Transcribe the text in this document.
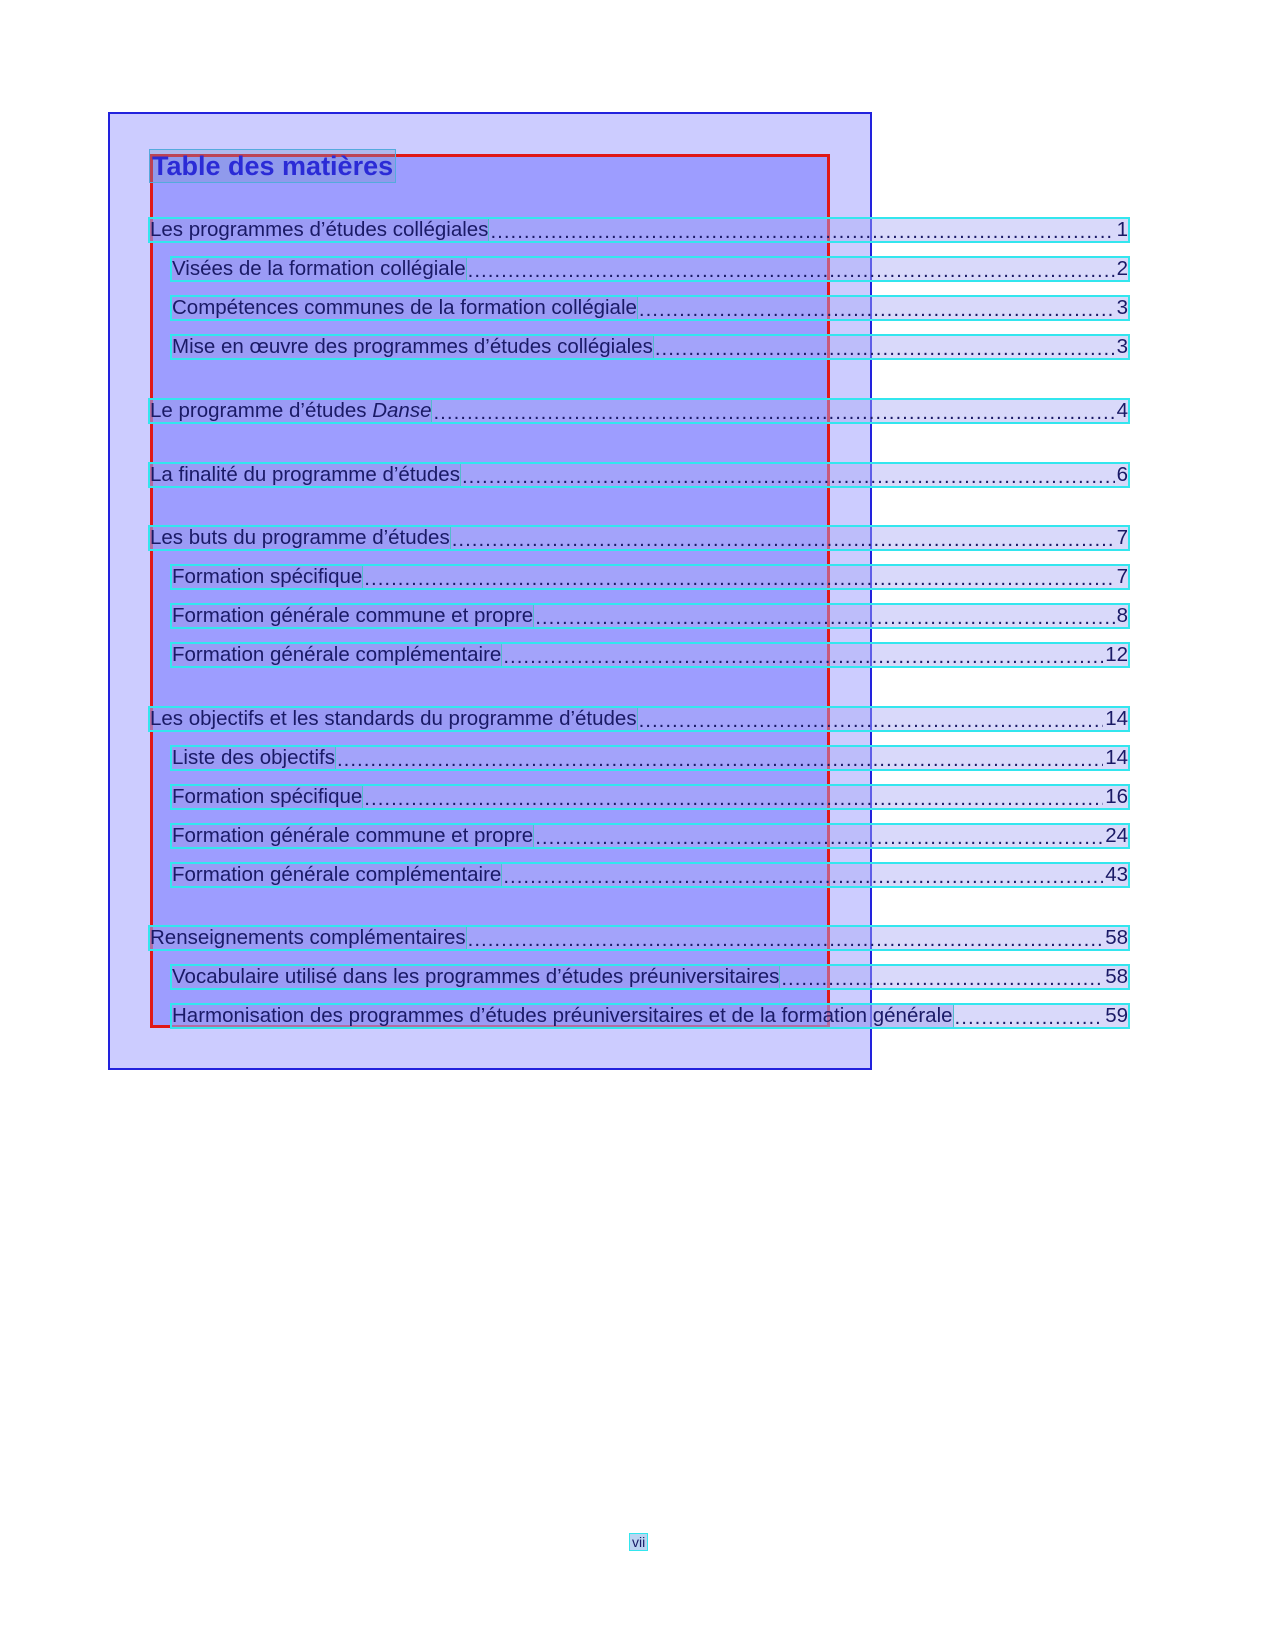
Table des matières
Les programmes d’études collégiales .....	1
Visées de la formation collégiale .....	2
Compétences communes de la formation collégiale .....	3
Mise en œuvre des programmes d’études collégiales .....	3
Le programme d’études Danse .....	4
La finalité du programme d’études .....	6
Les buts du programme d’études .....	7
Formation spécifique .....	7
Formation générale commune et propre .....	8
Formation générale complémentaire .....	12
Les objectifs et les standards du programme d’études .....	14
Liste des objectifs .....	14
Formation spécifique .....	16
Formation générale commune et propre .....	24
Formation générale complémentaire .....	43
Renseignements complémentaires .....	58
Vocabulaire utilisé dans les programmes d’études préuniversitaires .....	58
Harmonisation des programmes d’études préuniversitaires et de la formation générale .....	59
vii
